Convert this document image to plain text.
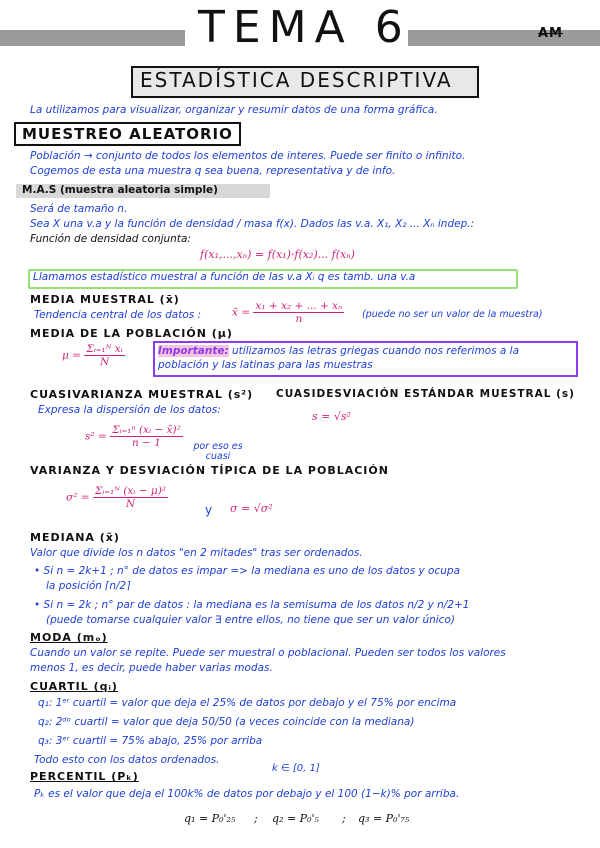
TEMA 6	AM
ESTADÍSTICA DESCRIPTIVA
La utilizamos para visualizar, organizar y resumir datos de una forma gráfica.
MUESTREO ALEATORIO
Población → conjunto de todos los elementos de interes. Puede ser finito o infinito.
Cogemos de esta una muestra q sea buena, representativa y de info.
M.A.S (muestra aleatoria simple)
Será de tamaño n.
Sea X una v.a y la función de densidad / masa f(x). Dados las v.a. X₁, X₂ ... Xₙ indep.:
Función de densidad conjunta:
f(x₁,...,xₙ) = f(x₁)·f(x₂)... f(xₙ)
Llamamos estadístico muestral a función de las v.a Xᵢ q es tamb. una v.a
MEDIA MUESTRAL (x̄)
Tendencia central de los datos :	x̄ = $\frac{\text{x₁ + x₂ + ... + xₙ}}{n}$ (puede no ser un valor de la muestra)
MEDIA DE LA POBLACIÓN (μ)
$\mu = \frac{\text{Σᵢ₌₁ᴺ xᵢ}}{N}$	Importante: utilizamos las letras griegas cuando nos referimos a la población y las latinas para las muestras
CUASIVARIANZA MUESTRAL (s²)
Expresa la dispersión de los datos:
$s^2 = \frac{\text{Σᵢ₌₁ⁿ (xᵢ − x̄)²}}{n - 1}$ por eso es cuasi
CUASIDESVIACIÓN ESTÁNDAR MUESTRAL (s)
s = √s²
VARIANZA Y DESVIACIÓN TÍPICA DE LA POBLACIÓN
$\sigma^2 = \frac{\text{Σᵢ₌₁ᴺ (xᵢ − μ)²}}{N}$	y σ = √σ²
MEDIANA (x̃)
Valor que divide los n datos "en 2 mitades" tras ser ordenados.
• Si n = 2k+1 ; n° de datos es impar => la mediana es uno de los datos y ocupa
la posición ⌈n/2⌉
• Si n = 2k ; n° par de datos : la mediana es la semisuma de los datos n/2 y n/2+1
(puede tomarse cualquier valor ∃ entre ellos, no tiene que ser un valor único)
MODA (mₒ)
Cuando un valor se repite. Puede ser muestral o poblacional. Pueden ser todos los valores
menos 1, es decir, puede haber varias modas.
CUARTIL (qᵢ)
q₁: 1ᵉʳ cuartil = valor que deja el 25% de datos por debajo y el 75% por encima
q₂: 2ᵈᵒ cuartil = valor que deja 50/50 (a veces coincide con la mediana)
q₃: 3ᵉʳ cuartil = 75% abajo, 25% por arriba
Todo esto con los datos ordenados.
PERCENTIL (Pₖ)
k ∈ [0, 1]
Pₖ es el valor que deja el 100k% de datos por debajo y el 100 (1−k)% por arriba.
q₁ = P₀'₂₅ ; q₂ = P₀'₅ ; q₃ = P₀'₇₅
